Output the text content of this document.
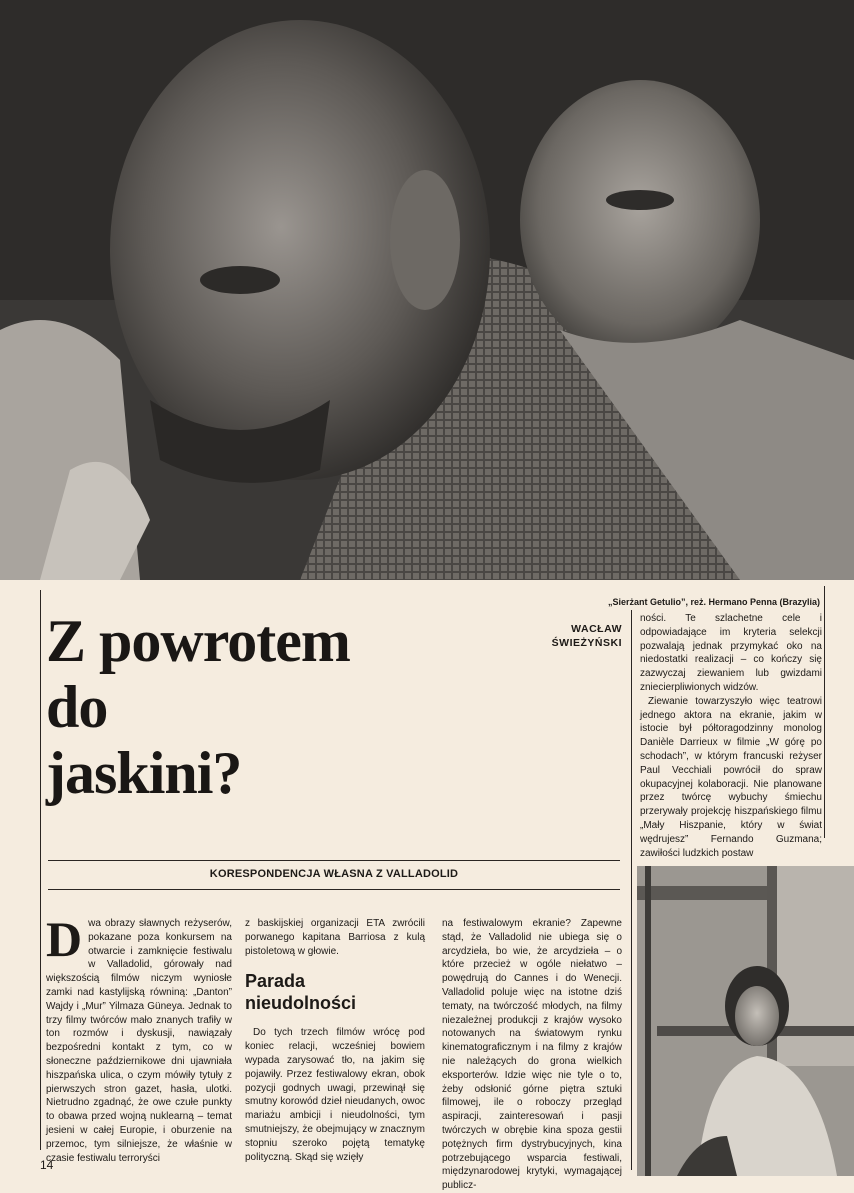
„Sierżant Getulio”, reż. Hermano Penna (Brazylia)
Z powrotem
do
jaskini?
WACŁAW
ŚWIEŻYŃSKI

ności. Te szlachetne cele i odpowiadające im kryteria selekcji pozwalają jednak przymykać oko na niedostatki realizacji – co kończy się zazwyczaj ziewaniem lub gwizdami zniecierpliwionych widzów.

Ziewanie towarzyszyło więc teatrowi jednego aktora na ekranie, jakim w istocie był półtoragodzinny monolog Danièle Darrieux w filmie „W górę po schodach”, w którym francuski reżyser Paul Vecchiali powrócił do spraw okupacyjnej kolaboracji. Nie planowane przez twórcę wybuchy śmiechu przerywały projekcję hiszpańskiego filmu „Mały Hiszpanie, który w świat wędrujesz” Fernando Guzmana; zawiłości ludzkich postaw

KORESPONDENCJA WŁASNA Z VALLADOLID

Dwa obrazy sławnych reżyserów, pokazane poza konkursem na otwarcie i zamknięcie festiwalu w Valladolid, górowały nad większością filmów niczym wyniosłe zamki nad kastylijską równiną: „Danton” Wajdy i „Mur” Yilmaza Güneya. Jednak to trzy filmy twórców mało znanych trafiły w ton rozmów i dyskusji, nawiązały bezpośredni kontakt z tym, co w słoneczne październikowe dni ujawniała hiszpańska ulica, o czym mówiły tytuły z pierwszych stron gazet, hasła, ulotki. Nietrudno zgadnąć, że owe czułe punkty to obawa przed wojną nuklearną – temat jesieni w całej Europie, i oburzenie na przemoc, tym silniejsze, że właśnie w czasie festiwalu terroryści

z baskijskiej organizacji ETA zwrócili porwanego kapitana Barriosa z kulą pistoletową w głowie.

Parada
nieudolności

Do tych trzech filmów wrócę pod koniec relacji, wcześniej bowiem wypada zarysować tło, na jakim się pojawiły. Przez festiwalowy ekran, obok pozycji godnych uwagi, przewinął się smutny korowód dzieł nieudanych, owoc mariażu ambicji i nieudolności, tym smutniejszy, że obejmujący w znacznym stopniu szeroko pojętą tematykę polityczną. Skąd się wzięły

na festiwalowym ekranie? Zapewne stąd, że Valladolid nie ubiega się o arcydzieła, bo wie, że arcydzieła – o które przecież w ogóle niełatwo – powędrują do Cannes i do Wenecji. Valladolid poluje więc na istotne dziś tematy, na twórczość młodych, na filmy niezależnej produkcji z krajów wysoko notowanych na światowym rynku kinematograficznym i na filmy z krajów nie należących do grona wielkich eksporterów. Idzie więc nie tyle o to, żeby odsłonić górne piętra sztuki filmowej, ile o roboczy przegląd aspiracji, zainteresowań i pasji twórczych w obrębie kina spoza gestii potężnych firm dystrybucyjnych, kina potrzebującego wsparcia festiwali, międzynarodowej krytyki, wymagającej publicz-

14
